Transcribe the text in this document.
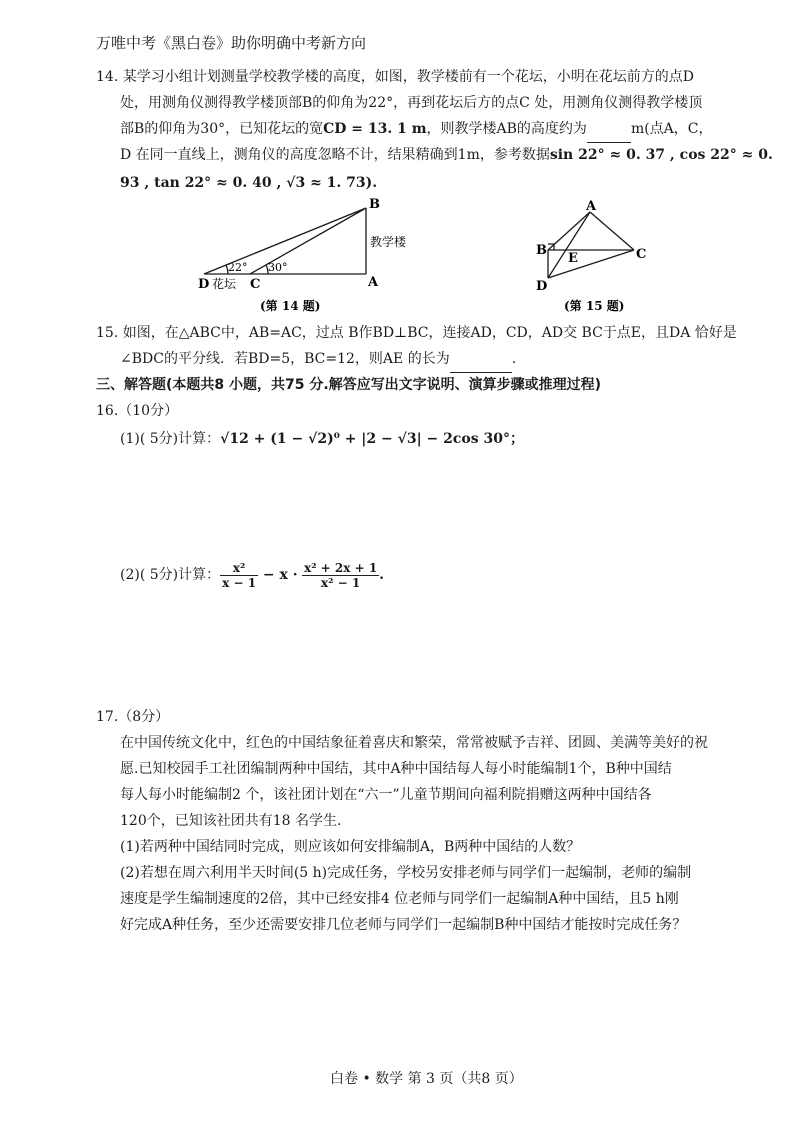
万唯中考《黑白卷》助你明确中考新方向
14. 某学习小组计划测量学校教学楼的高度，如图，教学楼前有一个花坛，小明在花坛前方的点D
处，用测角仪测得教学楼顶部B的仰角为22°，再到花坛后方的点C 处，用测角仪测得教学楼顶
部B的仰角为30°，已知花坛的宽CD = 13. 1 m，则教学楼AB的高度约为	m(点A，C，
D 在同一直线上，测角仪的高度忽略不计，结果精确到1m，参考数据sin 22° ≈ 0. 37 , cos 22° ≈ 0.
93 , tan 22° ≈ 0. 40 , √3 ≈ 1. 73).
B
A
D	C
教学楼
花坛
22° 30°
(第 14 题)
A
B	C
D
E
(第 15 题)
15. 如图，在△ABC中，AB=AC，过点 B作BD⊥BC，连接AD，CD，AD交 BC于点E，且DA 恰好是
∠BDC的平分线．若BD=5，BC=12，则AE 的长为	.
三、解答题(本题共8 小题，共75 分.解答应写出文字说明、演算步骤或推理过程)
16.（10分）
(1)( 5分)计算：√12 + (1 − √2)⁰ + |2 − √3| − 2cos 30°；
(2)( 5分)计算： $\frac{\text{x²}}{x - 1} - x \cdot \frac{\text{x² + 2x + 1}}{\text{x² − 1}}$ .
17.（8分）
在中国传统文化中，红色的中国结象征着喜庆和繁荣，常常被赋予吉祥、团圆、美满等美好的祝
愿.已知校园手工社团编制两种中国结，其中A种中国结每人每小时能编制1个，B种中国结
每人每小时能编制2 个，该社团计划在“六一”儿童节期间向福利院捐赠这两种中国结各
120个，已知该社团共有18 名学生.
(1)若两种中国结同时完成，则应该如何安排编制A，B两种中国结的人数？
(2)若想在周六利用半天时间(5 h)完成任务，学校另安排老师与同学们一起编制，老师的编制
速度是学生编制速度的2倍，其中已经安排4 位老师与同学们一起编制A种中国结，且5 h刚
好完成A种任务，至少还需要安排几位老师与同学们一起编制B种中国结才能按时完成任务？
白卷 • 数学 第 3 页（共8 页）
